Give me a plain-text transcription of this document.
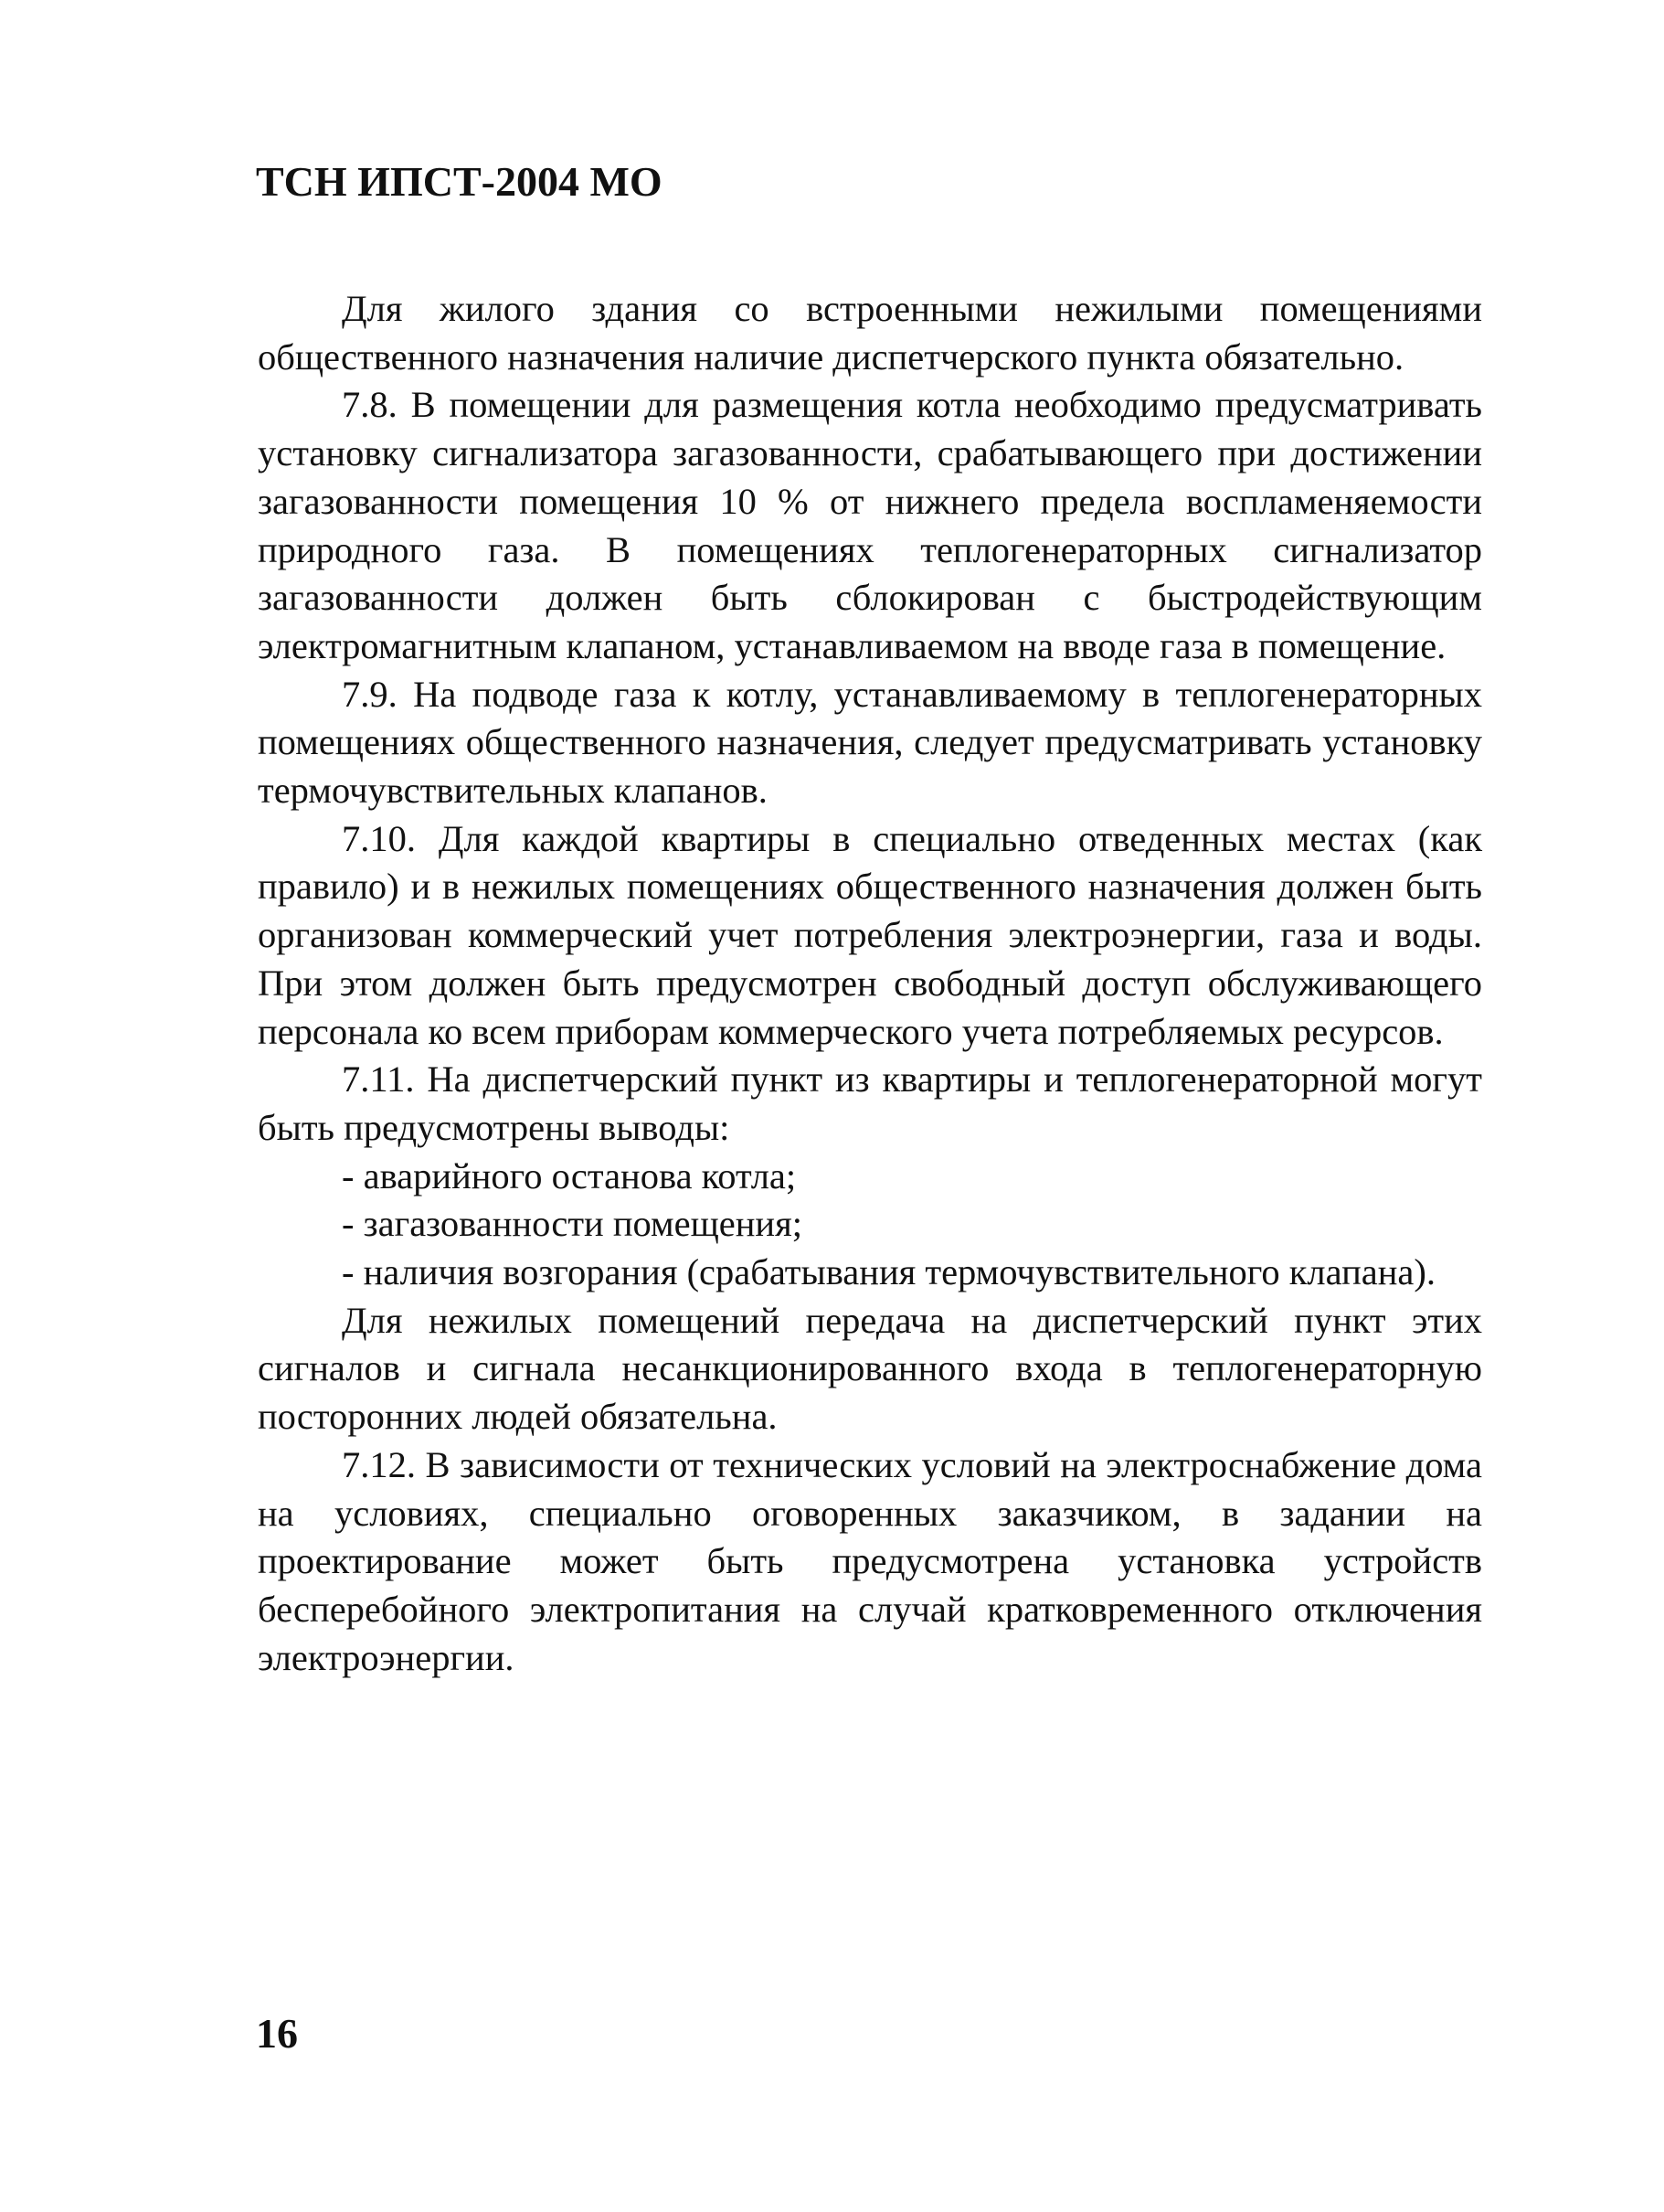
ТСН ИПСТ-2004 МО

Для жилого здания со встроенными нежилыми помещениями общественного назначения наличие диспетчерского пункта обязательно.

7.8. В помещении для размещения котла необходимо предусматривать установку сигнализатора загазованности, срабатывающего при достижении загазованности помещения 10 % от нижнего предела воспламеняемости природного газа. В помещениях теплогенераторных сигнализатор загазованности должен быть сблокирован с быстродействующим электромагнитным клапаном, устанавливаемом на вводе газа в помещение.

7.9. На подводе газа к котлу, устанавливаемому в теплогенераторных помещениях общественного назначения, следует предусматривать установку термочувствительных клапанов.

7.10. Для каждой квартиры в специально отведенных местах (как правило) и в нежилых помещениях общественного назначения должен быть организован коммерческий учет потребления электроэнергии, газа и воды. При этом должен быть предусмотрен свободный доступ обслуживающего персонала ко всем приборам коммерческого учета потребляемых ресурсов.

7.11. На диспетчерский пункт из квартиры и теплогенераторной могут быть предусмотрены выводы:

- аварийного останова котла;

- загазованности помещения;

- наличия возгорания (срабатывания термочувствительного клапана).

Для нежилых помещений передача на диспетчерский пункт этих сигналов и сигнала несанкционированного входа в теплогенераторную посторонних людей обязательна.

7.12. В зависимости от технических условий на электроснабжение дома на условиях, специально оговоренных заказчиком, в задании на проектирование может быть предусмотрена установка устройств бесперебойного электропитания на случай кратковременного отключения электроэнергии.

16
